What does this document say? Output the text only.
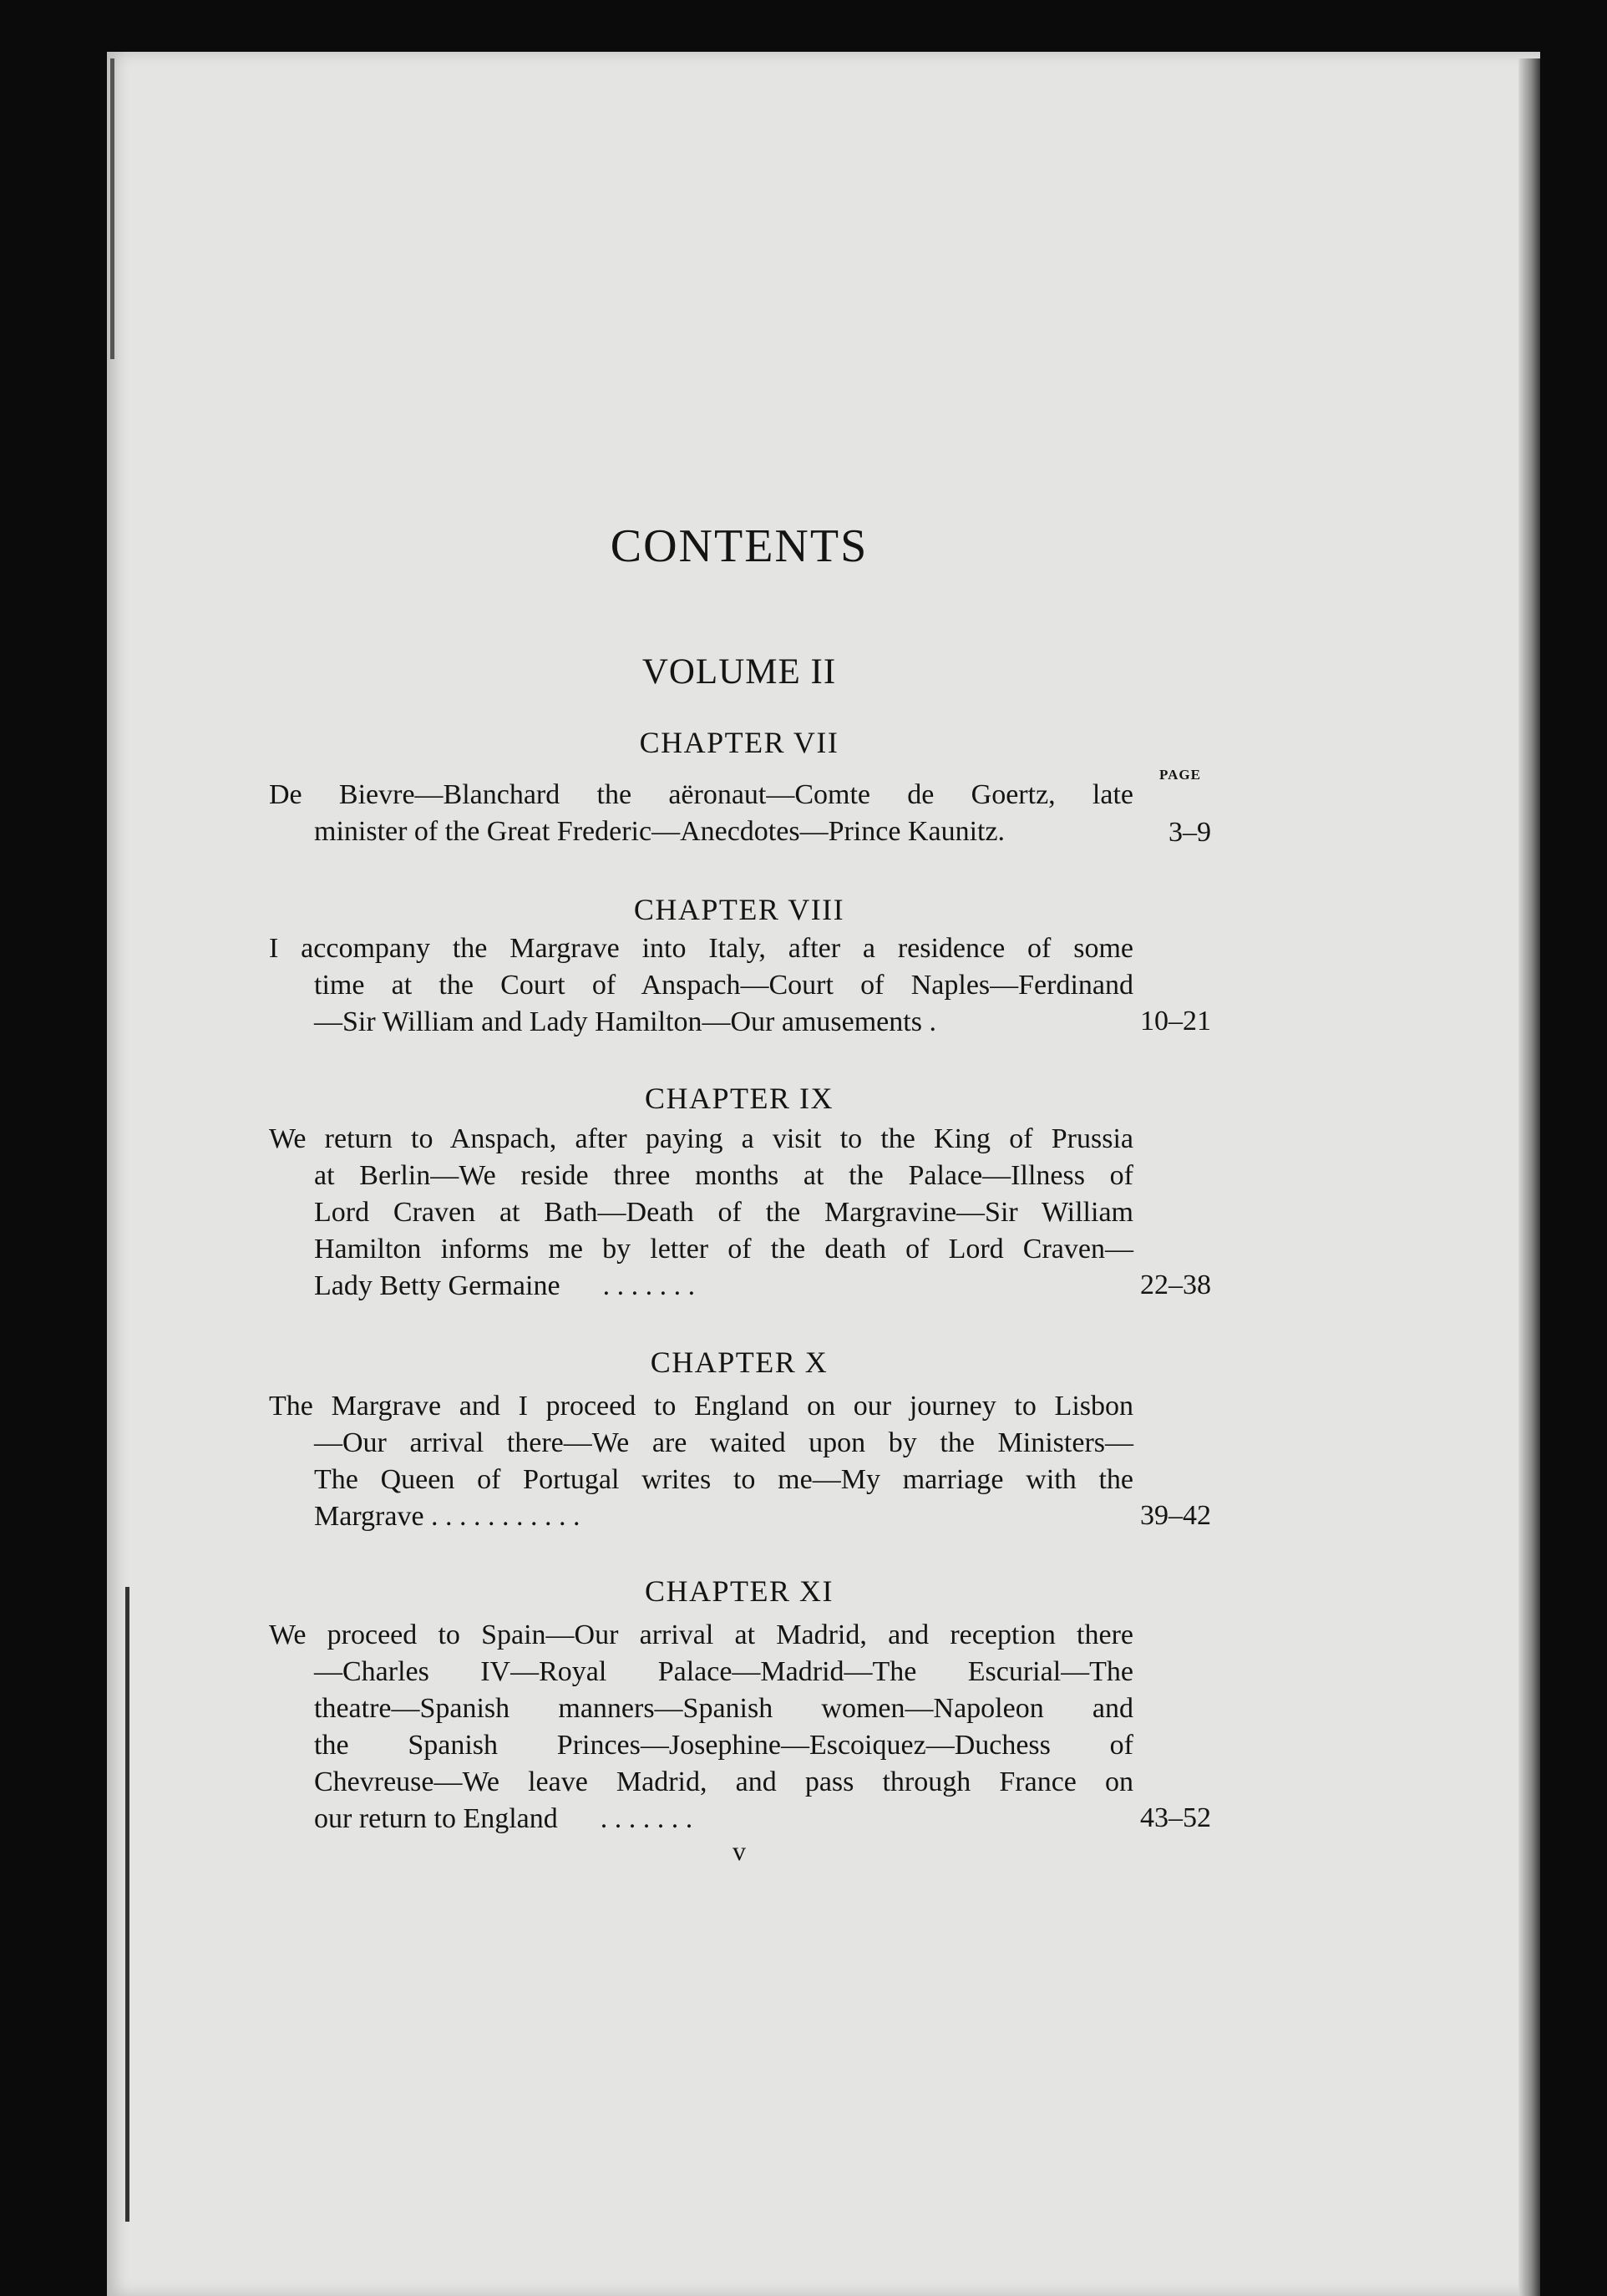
CONTENTS
VOLUME II
CHAPTER VII
PAGE
De Bievre—Blanchard the aëronaut—Comte de Goertz, late
minister of the Great Frederic—Anecdotes—Prince Kaunitz.	3–9
CHAPTER VIII
I accompany the Margrave into Italy, after a residence of some
time at the Court of Anspach—Court of Naples—Ferdinand
—Sir William and Lady Hamilton—Our amusements .	10–21
CHAPTER IX
We return to Anspach, after paying a visit to the King of Prussia
at Berlin—We reside three months at the Palace—Illness of
Lord Craven at Bath—Death of the Margravine—Sir William
Hamilton informs me by letter of the death of Lord Craven—
Lady Betty Germaine . . . . . . .	22–38
CHAPTER X
The Margrave and I proceed to England on our journey to Lisbon
—Our arrival there—We are waited upon by the Ministers—
The Queen of Portugal writes to me—My marriage with the
Margrave . . . . . . . . . . .	39–42
CHAPTER XI
We proceed to Spain—Our arrival at Madrid, and reception there
—Charles IV—Royal Palace—Madrid—The Escurial—The
theatre—Spanish manners—Spanish women—Napoleon and
the Spanish Princes—Josephine—Escoiquez—Duchess of
Chevreuse—We leave Madrid, and pass through France on
our return to England . . . . . . .	43–52
v
